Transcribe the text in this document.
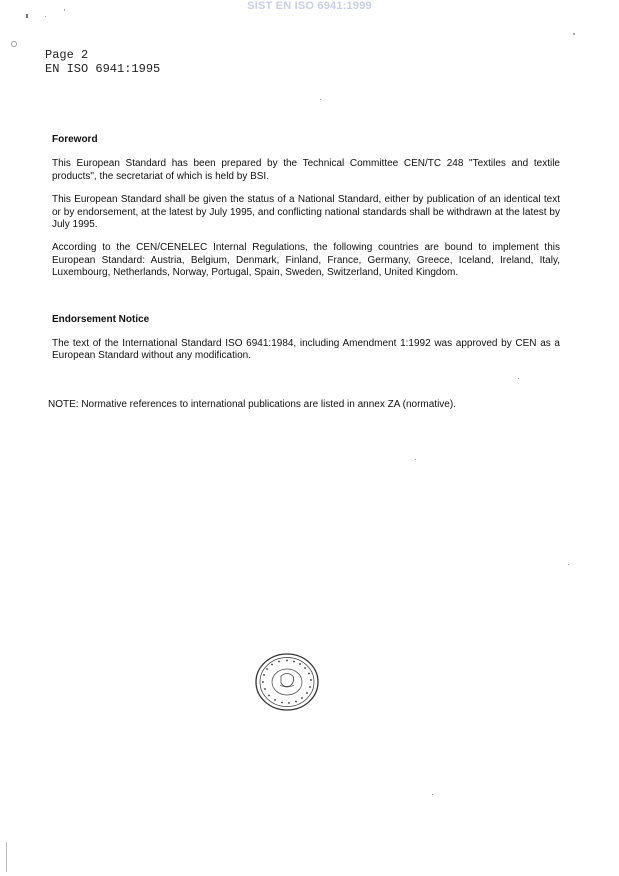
SIST EN ISO 6941:1999
Page 2
EN ISO 6941:1995
Foreword

This European Standard has been prepared by the Technical Committee CEN/TC 248 "Textiles and textile products", the secretariat of which is held by BSI.

This European Standard shall be given the status of a National Standard, either by publication of an identical text or by endorsement, at the latest by July 1995, and conflicting national standards shall be withdrawn at the latest by July 1995.

According to the CEN/CENELEC Internal Regulations, the following countries are bound to implement this European Standard: Austria, Belgium, Denmark, Finland, France, Germany, Greece, Iceland, Ireland, Italy, Luxembourg, Netherlands, Norway, Portugal, Spain, Sweden, Switzerland, United Kingdom.

Endorsement Notice

The text of the International Standard ISO 6941:1984, including Amendment 1:1992 was approved by CEN as a European Standard without any modification.

NOTE: Normative references to international publications are listed in annex ZA (normative).
